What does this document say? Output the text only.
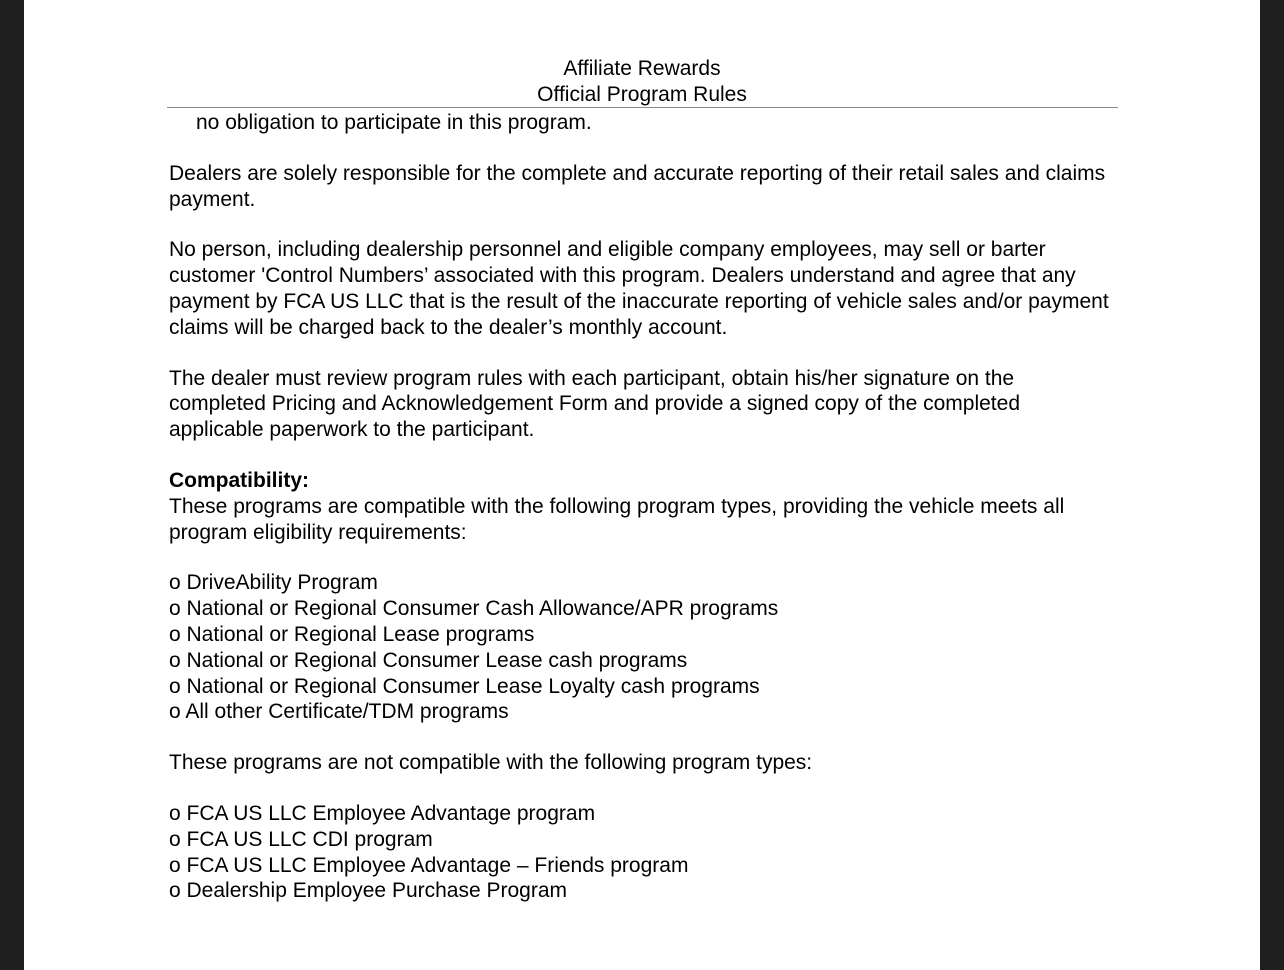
Affiliate Rewards
Official Program Rules

no obligation to participate in this program.

Dealers are solely responsible for the complete and accurate reporting of their retail sales and claims payment.

No person, including dealership personnel and eligible company employees, may sell or barter customer 'Control Numbers’ associated with this program. Dealers understand and agree that any payment by FCA US LLC that is the result of the inaccurate reporting of vehicle sales and/or payment claims will be charged back to the dealer’s monthly account.

The dealer must review program rules with each participant, obtain his/her signature on the completed Pricing and Acknowledgement Form and provide a signed copy of the completed applicable paperwork to the participant.

Compatibility:

These programs are compatible with the following program types, providing the vehicle meets all program eligibility requirements:

o DriveAbility Program
o National or Regional Consumer Cash Allowance/APR programs
o National or Regional Lease programs
o National or Regional Consumer Lease cash programs
o National or Regional Consumer Lease Loyalty cash programs
o All other Certificate/TDM programs

These programs are not compatible with the following program types:

o FCA US LLC Employee Advantage program
o FCA US LLC CDI program
o FCA US LLC Employee Advantage – Friends program
o Dealership Employee Purchase Program
